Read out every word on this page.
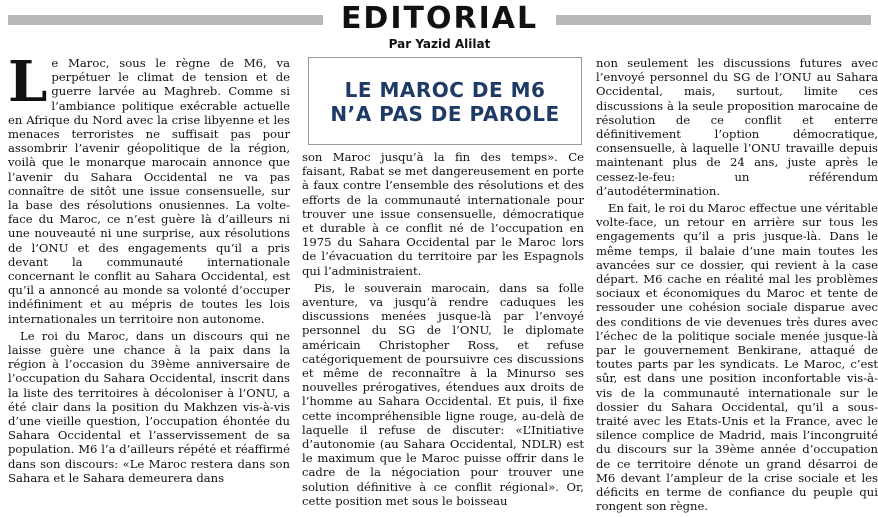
EDITORIAL
Par Yazid Alilat

Le Maroc, sous le règne de M6, va perpétuer le climat de tension et de guerre larvée au Maghreb. Comme si l’ambiance politique exécrable actuelle en Afrique du Nord avec la crise libyenne et les menaces terroristes ne suffisait pas pour assombrir l’avenir géopolitique de la région, voilà que le monarque marocain annonce que l’avenir du Sahara Occidental ne va pas connaître de sitôt une issue consensuelle, sur la base des résolutions onusiennes. La volte-face du Maroc, ce n’est guère là d’ailleurs ni une nouveauté ni une surprise, aux résolutions de l’ONU et des engagements qu’il a pris devant la communauté internationale concernant le conflit au Sahara Occidental, est qu’il a annoncé au monde sa volonté d’occuper indéfiniment et au mépris de toutes les lois internationales un territoire non autonome.

Le roi du Maroc, dans un discours qui ne laisse guère une chance à la paix dans la région à l’occasion du 39ème anniversaire de l’occupation du Sahara Occidental, inscrit dans la liste des territoires à décoloniser à l’ONU, a été clair dans la position du Makhzen vis-à-vis d’une vieille question, l’occupation éhontée du Sahara Occidental et l’asservissement de sa population. M6 l’a d’ailleurs répété et réaffirmé dans son discours: «Le Maroc restera dans son Sahara et le Sahara demeurera dans

LE MAROC DE M6
N’A PAS DE PAROLE

son Maroc jusqu’à la fin des temps». Ce faisant, Rabat se met dangereusement en porte à faux contre l’ensemble des résolutions et des efforts de la communauté internationale pour trouver une issue consensuelle, démocratique et durable à ce conflit né de l’occupation en 1975 du Sahara Occidental par le Maroc lors de l’évacuation du territoire par les Espagnols qui l’administraient.

Pis, le souverain marocain, dans sa folle aventure, va jusqu’à rendre caduques les discussions menées jusque-là par l’envoyé personnel du SG de l’ONU, le diplomate américain Christopher Ross, et refuse catégoriquement de poursuivre ces discussions et même de reconnaître à la Minurso ses nouvelles prérogatives, étendues aux droits de l’homme au Sahara Occidental. Et puis, il fixe cette incompréhensible ligne rouge, au-delà de laquelle il refuse de discuter: «L’Initiative d’autonomie (au Sahara Occidental, NDLR) est le maximum que le Maroc puisse offrir dans le cadre de la négociation pour trouver une solution définitive à ce conflit régional». Or, cette position met sous le boisseau

non seulement les discussions futures avec l’envoyé personnel du SG de l’ONU au Sahara Occidental, mais, surtout, limite ces discussions à la seule proposition marocaine de résolution de ce conflit et enterre définitivement l’option démocratique, consensuelle, à laquelle l’ONU travaille depuis maintenant plus de 24 ans, juste après le cessez-le-feu: un référendum d’autodétermination.

En fait, le roi du Maroc effectue une véritable volte-face, un retour en arrière sur tous les engagements qu’il a pris jusque-là. Dans le même temps, il balaie d’une main toutes les avancées sur ce dossier, qui revient à la case départ. M6 cache en réalité mal les problèmes sociaux et économiques du Maroc et tente de ressouder une cohésion sociale disparue avec des conditions de vie devenues très dures avec l’échec de la politique sociale menée jusque-là par le gouvernement Benkirane, attaqué de toutes parts par les syndicats. Le Maroc, c’est sûr, est dans une position inconfortable vis-à-vis de la communauté internationale sur le dossier du Sahara Occidental, qu’il a sous-traité avec les Etats-Unis et la France, avec le silence complice de Madrid, mais l’incongruité du discours sur la 39ème année d’occupation de ce territoire dénote un grand désarroi de M6 devant l’ampleur de la crise sociale et les déficits en terme de confiance du peuple qui rongent son règne.
